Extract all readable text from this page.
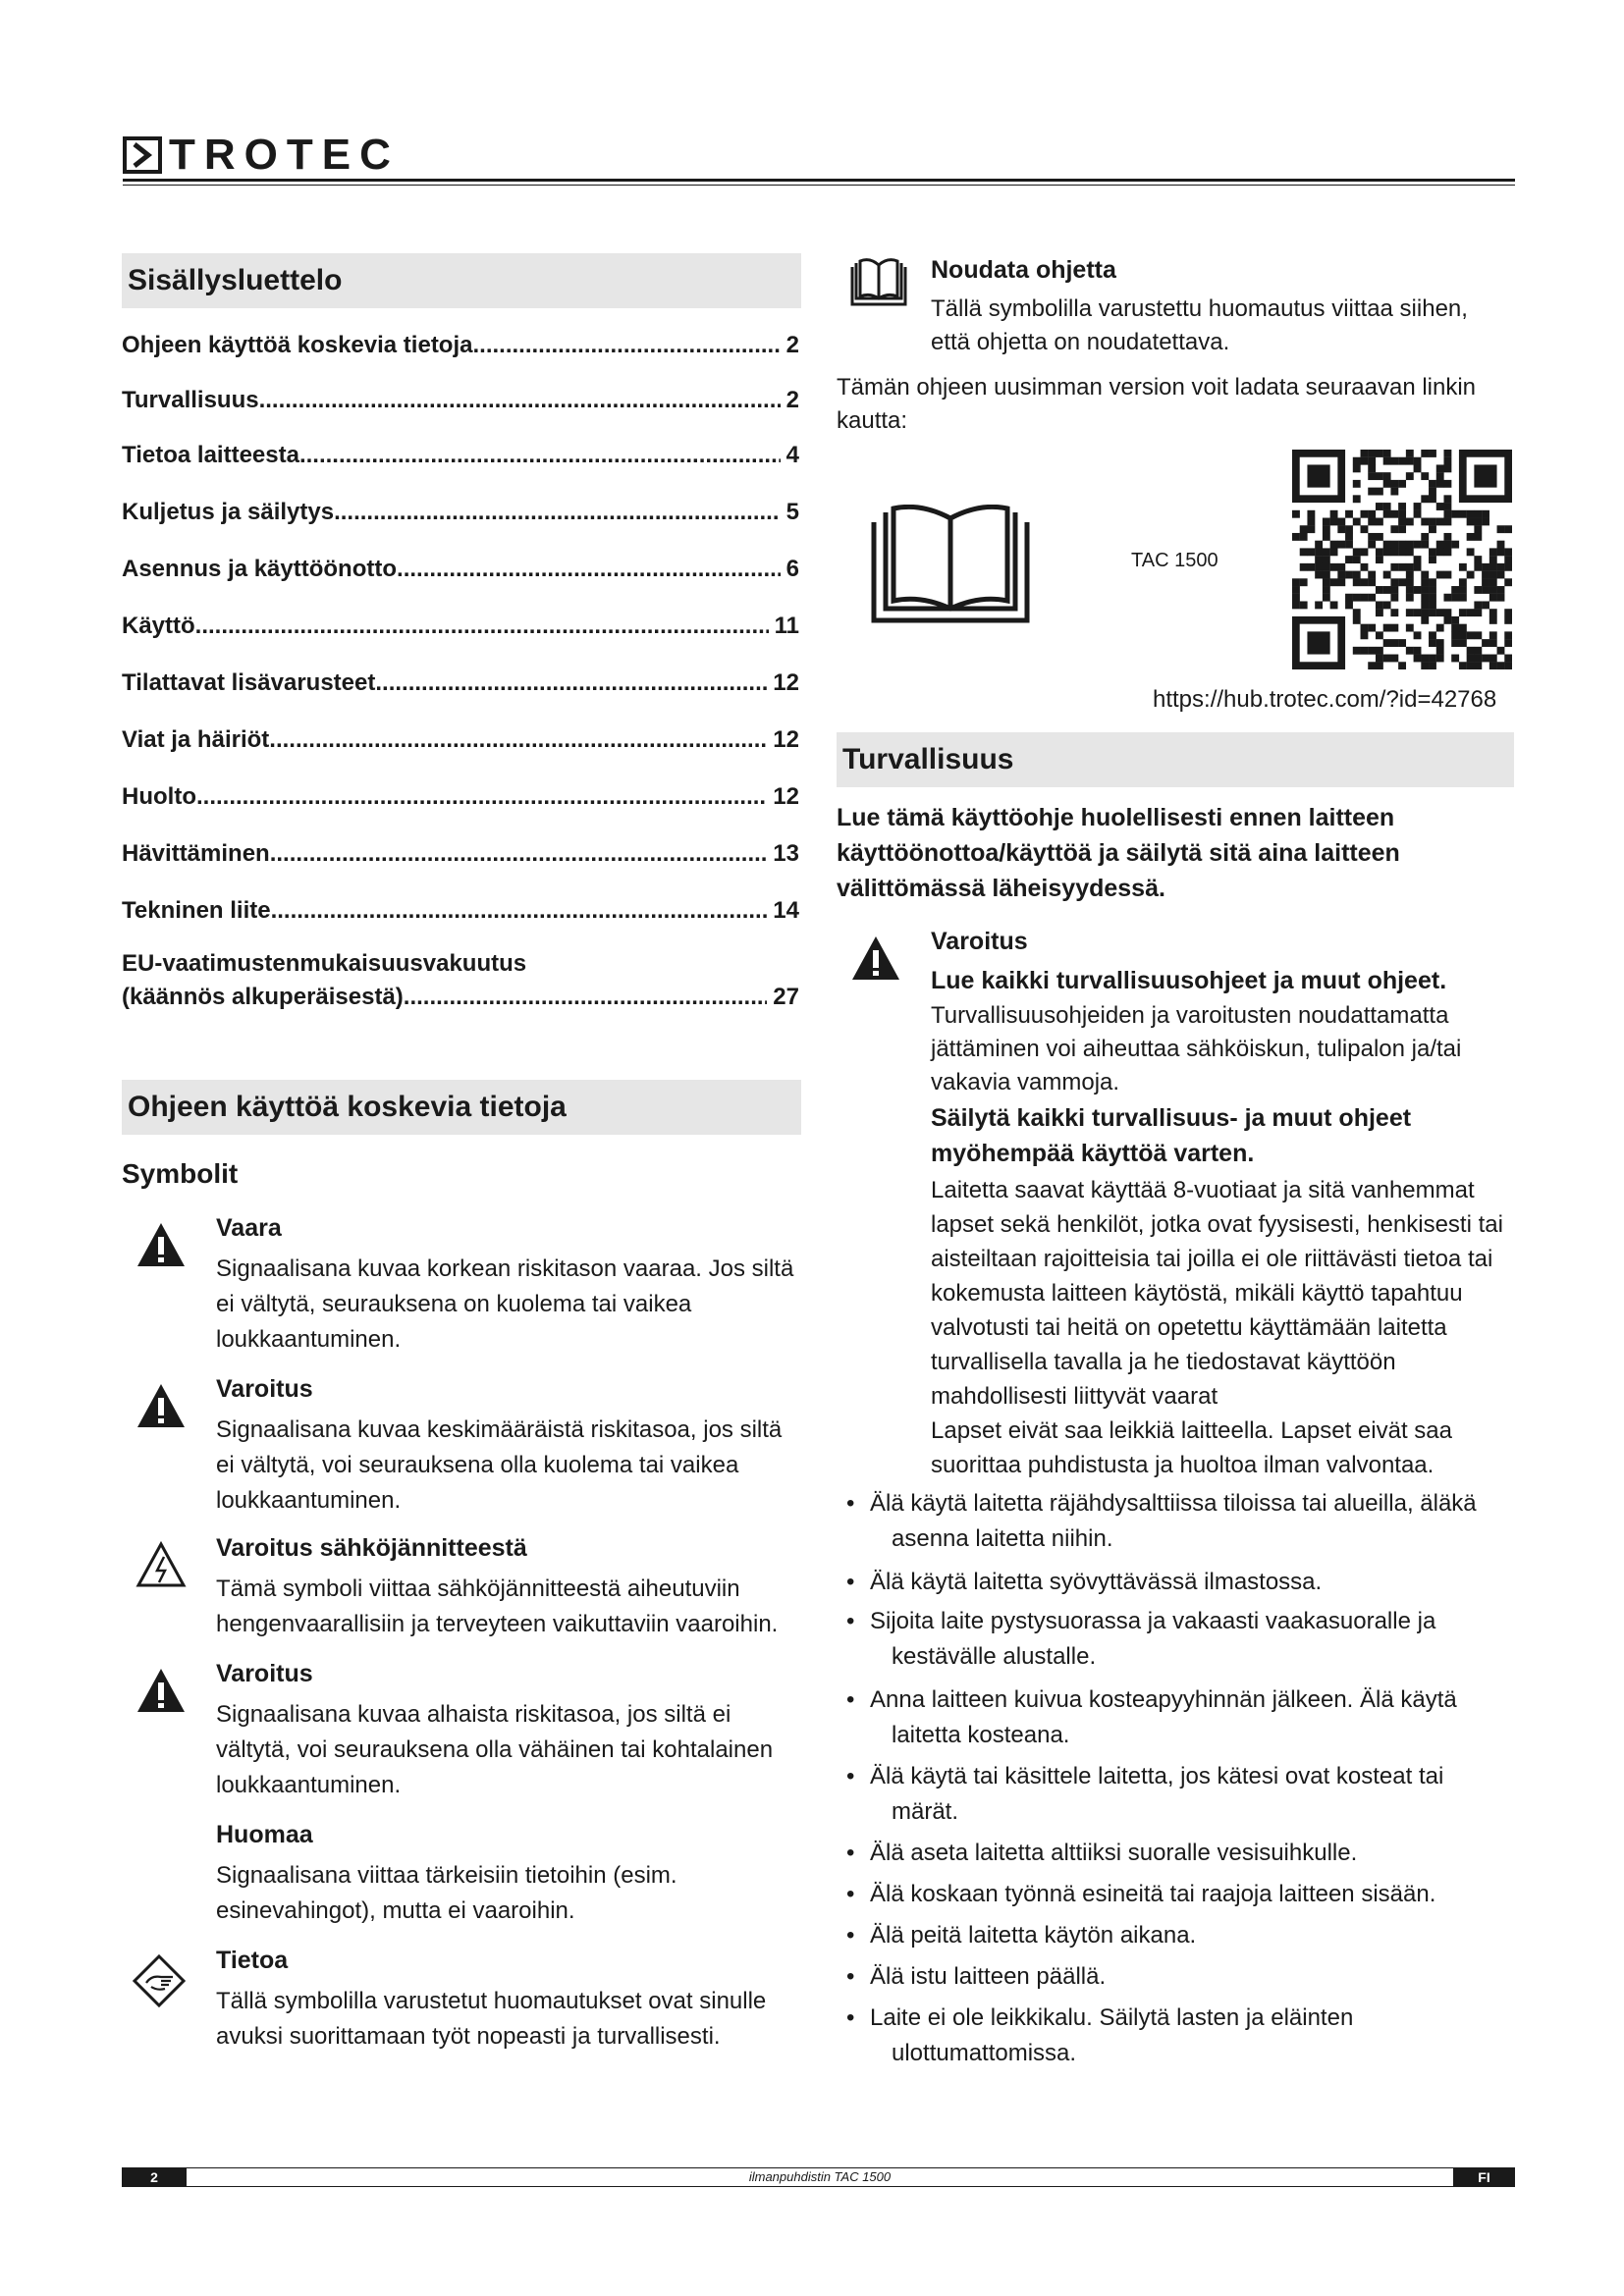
TROTEC
Sisällysluettelo
Ohjeen käyttöä koskevia tietoja .....	2
Turvallisuus .....	2
Tietoa laitteesta .....	4
Kuljetus ja säilytys .....	5
Asennus ja käyttöönotto .....	6
Käyttö .....	11
Tilattavat lisävarusteet .....	12
Viat ja häiriöt .....	12
Huolto .....	12
Hävittäminen .....	13
Tekninen liite .....	14
EU-vaatimustenmukaisuusvakuutus
(käännös alkuperäisestä) .....	27
Ohjeen käyttöä koskevia tietoja
Symbolit
Vaara
Signaalisana kuvaa korkean riskitason vaaraa. Jos siltä
ei vältytä, seurauksena on kuolema tai vaikea
loukkaantuminen.
Varoitus
Signaalisana kuvaa keskimääräistä riskitasoa, jos siltä
ei vältytä, voi seurauksena olla kuolema tai vaikea
loukkaantuminen.
Varoitus sähköjännitteestä
Tämä symboli viittaa sähköjännitteestä aiheutuviin
hengenvaarallisiin ja terveyteen vaikuttaviin vaaroihin.
Varoitus
Signaalisana kuvaa alhaista riskitasoa, jos siltä ei
vältytä, voi seurauksena olla vähäinen tai kohtalainen
loukkaantuminen.
Huomaa
Signaalisana viittaa tärkeisiin tietoihin (esim.
esinevahingot), mutta ei vaaroihin.
Tietoa
Tällä symbolilla varustetut huomautukset ovat sinulle
avuksi suorittamaan työt nopeasti ja turvallisesti.
Noudata ohjetta
Tällä symbolilla varustettu huomautus viittaa siihen,
että ohjetta on noudatettava.
Tämän ohjeen uusimman version voit ladata seuraavan linkin
kautta:
TAC 1500
https://hub.trotec.com/?id=42768
Turvallisuus
Lue tämä käyttöohje huolellisesti ennen laitteen
käyttöönottoa/käyttöä ja säilytä sitä aina laitteen
välittömässä läheisyydessä.
Varoitus
Lue kaikki turvallisuusohjeet ja muut ohjeet.
Turvallisuusohjeiden ja varoitusten noudattamatta
jättäminen voi aiheuttaa sähköiskun, tulipalon ja/tai
vakavia vammoja.
Säilytä kaikki turvallisuus- ja muut ohjeet
myöhempää käyttöä varten.
Laitetta saavat käyttää 8-vuotiaat ja sitä vanhemmat
lapset sekä henkilöt, jotka ovat fyysisesti, henkisesti tai
aisteiltaan rajoitteisia tai joilla ei ole riittävästi tietoa tai
kokemusta laitteen käytöstä, mikäli käyttö tapahtuu
valvotusti tai heitä on opetettu käyttämään laitetta
turvallisella tavalla ja he tiedostavat käyttöön
mahdollisesti liittyvät vaarat
Lapset eivät saa leikkiä laitteella. Lapset eivät saa
suorittaa puhdistusta ja huoltoa ilman valvontaa.
• Älä käytä laitetta räjähdysalttiissa tiloissa tai alueilla, äläkä
asenna laitetta niihin.
• Älä käytä laitetta syövyttävässä ilmastossa.
• Sijoita laite pystysuorassa ja vakaasti vaakasuoralle ja
kestävälle alustalle.
• Anna laitteen kuivua kosteapyyhinnän jälkeen. Älä käytä
laitetta kosteana.
• Älä käytä tai käsittele laitetta, jos kätesi ovat kosteat tai
märät.
• Älä aseta laitetta alttiiksi suoralle vesisuihkulle.
• Älä koskaan työnnä esineitä tai raajoja laitteen sisään.
• Älä peitä laitetta käytön aikana.
• Älä istu laitteen päällä.
• Laite ei ole leikkikalu. Säilytä lasten ja eläinten
ulottumattomissa.
ilmanpuhdistin TAC 1500
2	FI
